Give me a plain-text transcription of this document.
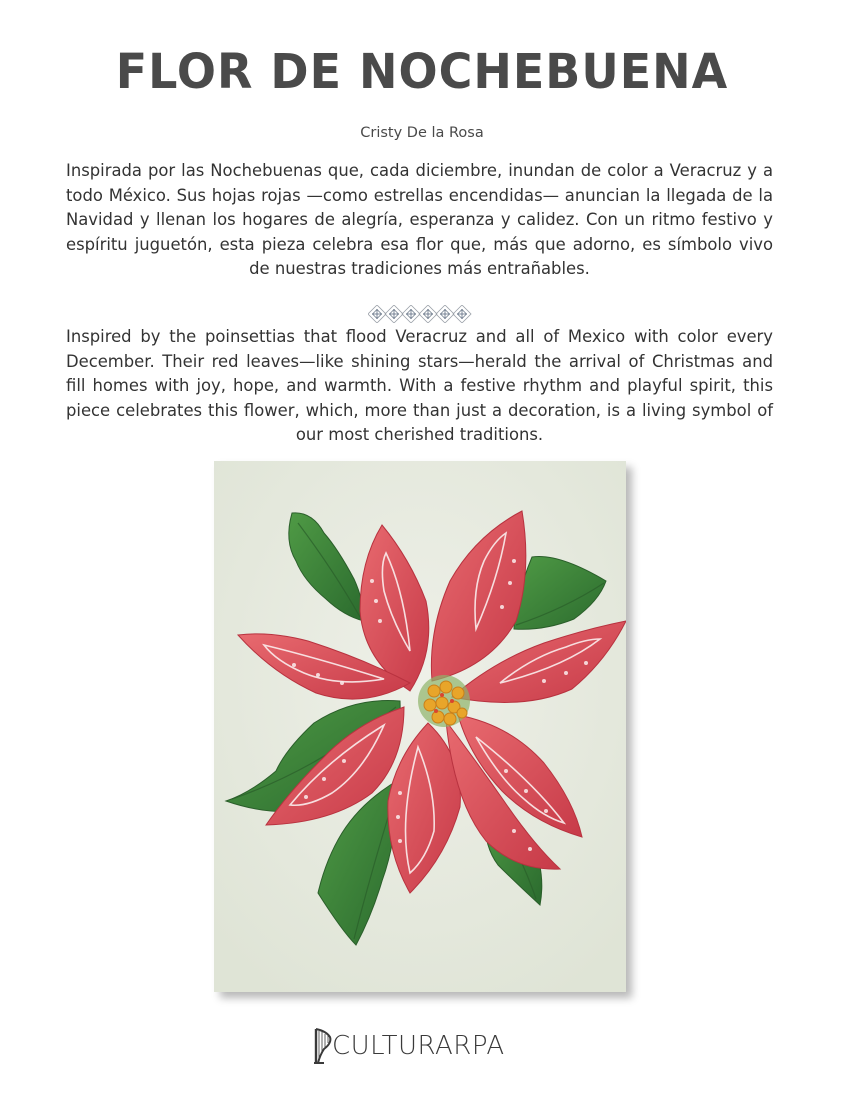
FLOR DE NOCHEBUENA
Cristy De la Rosa

Inspirada por las Nochebuenas que, cada diciembre, inundan de color a Veracruz y a todo México. Sus hojas rojas —como estrellas encendidas— anuncian la llegada de la Navidad y llenan los hogares de alegría, esperanza y calidez. Con un ritmo festivo y espíritu juguetón, esta pieza celebra esa flor que, más que adorno, es símbolo vivo de nuestras tradiciones más entrañables.

Inspired by the poinsettias that flood Veracruz and all of Mexico with color every December. Their red leaves—like shining stars—herald the arrival of Christmas and fill homes with joy, hope, and warmth. With a festive rhythm and playful spirit, this piece celebrates this flower, which, more than just a decoration, is a living symbol of our most cherished traditions.

CULTURARPA
